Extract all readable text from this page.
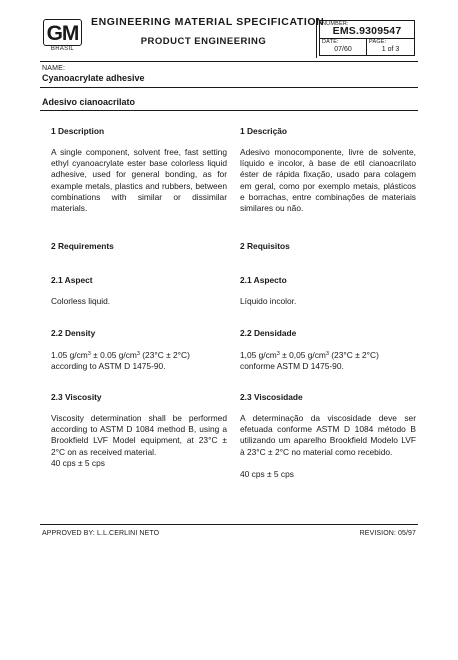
GM
BRASIL
ENGINEERING MATERIAL SPECIFICATION
PRODUCT ENGINEERING
NUMBER:
EMS.9309547
DATE:
07/60
PAGE:
1 of 3
NAME:
Cyanoacrylate adhesive
Adesivo cianoacrilato
1 Description
A single component, solvent free, fast setting ethyl cyanoacrylate ester base colorless liquid adhesive, used for general bonding, as for example metals, plastics and rubbers, between combinations with similar or dissimilar materials.
2 Requirements
2.1 Aspect
Colorless liquid.
2.2 Density
1.05 $g/cm^3 \pm 0.05$ $g/cm^3$ (23°C ± 2°C)
according to ASTM D 1475-90.
2.3 Viscosity
Viscosity determination shall be performed according to ASTM D 1084 method B, using a Brookfield LVF Model equipment, at 23°C ± 2°C on as received material.
40 cps ± 5 cps
1 Descrição
Adesivo monocomponente, livre de solvente, líquido e incolor, à base de etil cianoacrilato éster de rápida fixação, usado para colagem em geral, como por exemplo metais, plásticos e borrachas, entre combinações de materiais similares ou não.
2 Requisitos
2.1 Aspecto
Líquido incolor.
2.2 Densidade
1,05 $g/cm^3 \pm 0,05$ $g/cm^3$ (23°C ± 2°C)
conforme ASTM D 1475-90.
2.3 Viscosidade
A determinação da viscosidade deve ser efetuada conforme ASTM D 1084 método B utilizando um aparelho Brookfield Modelo LVF à 23°C ± 2°C no material como recebido.
40 cps ± 5 cps
APPROVED BY: L.L.CERLINI NETO	REVISION: 05/97
